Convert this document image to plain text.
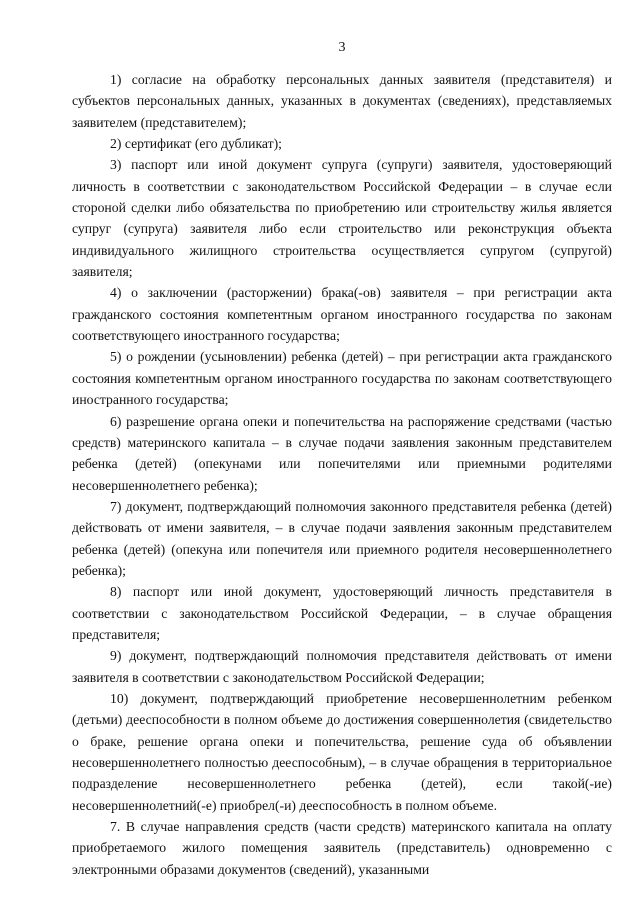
3

1) согласие на обработку персональных данных заявителя (представителя) и субъектов персональных данных, указанных в документах (сведениях), представляемых заявителем (представителем);

2) сертификат (его дубликат);

3) паспорт или иной документ супруга (супруги) заявителя, удостоверяющий личность в соответствии с законодательством Российской Федерации – в случае если стороной сделки либо обязательства по приобретению или строительству жилья является супруг (супруга) заявителя либо если строительство или реконструкция объекта индивидуального жилищного строительства осуществляется супругом (супругой) заявителя;

4) о заключении (расторжении) брака(-ов) заявителя – при регистрации акта гражданского состояния компетентным органом иностранного государства по законам соответствующего иностранного государства;

5) о рождении (усыновлении) ребенка (детей) – при регистрации акта гражданского состояния компетентным органом иностранного государства по законам соответствующего иностранного государства;

6) разрешение органа опеки и попечительства на распоряжение средствами (частью средств) материнского капитала – в случае подачи заявления законным представителем ребенка (детей) (опекунами или попечителями или приемными родителями несовершеннолетнего ребенка);

7) документ, подтверждающий полномочия законного представителя ребенка (детей) действовать от имени заявителя, – в случае подачи заявления законным представителем ребенка (детей) (опекуна или попечителя или приемного родителя несовершеннолетнего ребенка);

8) паспорт или иной документ, удостоверяющий личность представителя в соответствии с законодательством Российской Федерации, – в случае обращения представителя;

9) документ, подтверждающий полномочия представителя действовать от имени заявителя в соответствии с законодательством Российской Федерации;

10) документ, подтверждающий приобретение несовершеннолетним ребенком (детьми) дееспособности в полном объеме до достижения совершеннолетия (свидетельство о браке, решение органа опеки и попечительства, решение суда об объявлении несовершеннолетнего полностью дееспособным), – в случае обращения в территориальное подразделение несовершеннолетнего ребенка (детей), если такой(-ие) несовершеннолетний(-е) приобрел(-и) дееспособность в полном объеме.

7. В случае направления средств (части средств) материнского капитала на оплату приобретаемого жилого помещения заявитель (представитель) одновременно с электронными образами документов (сведений), указанными
